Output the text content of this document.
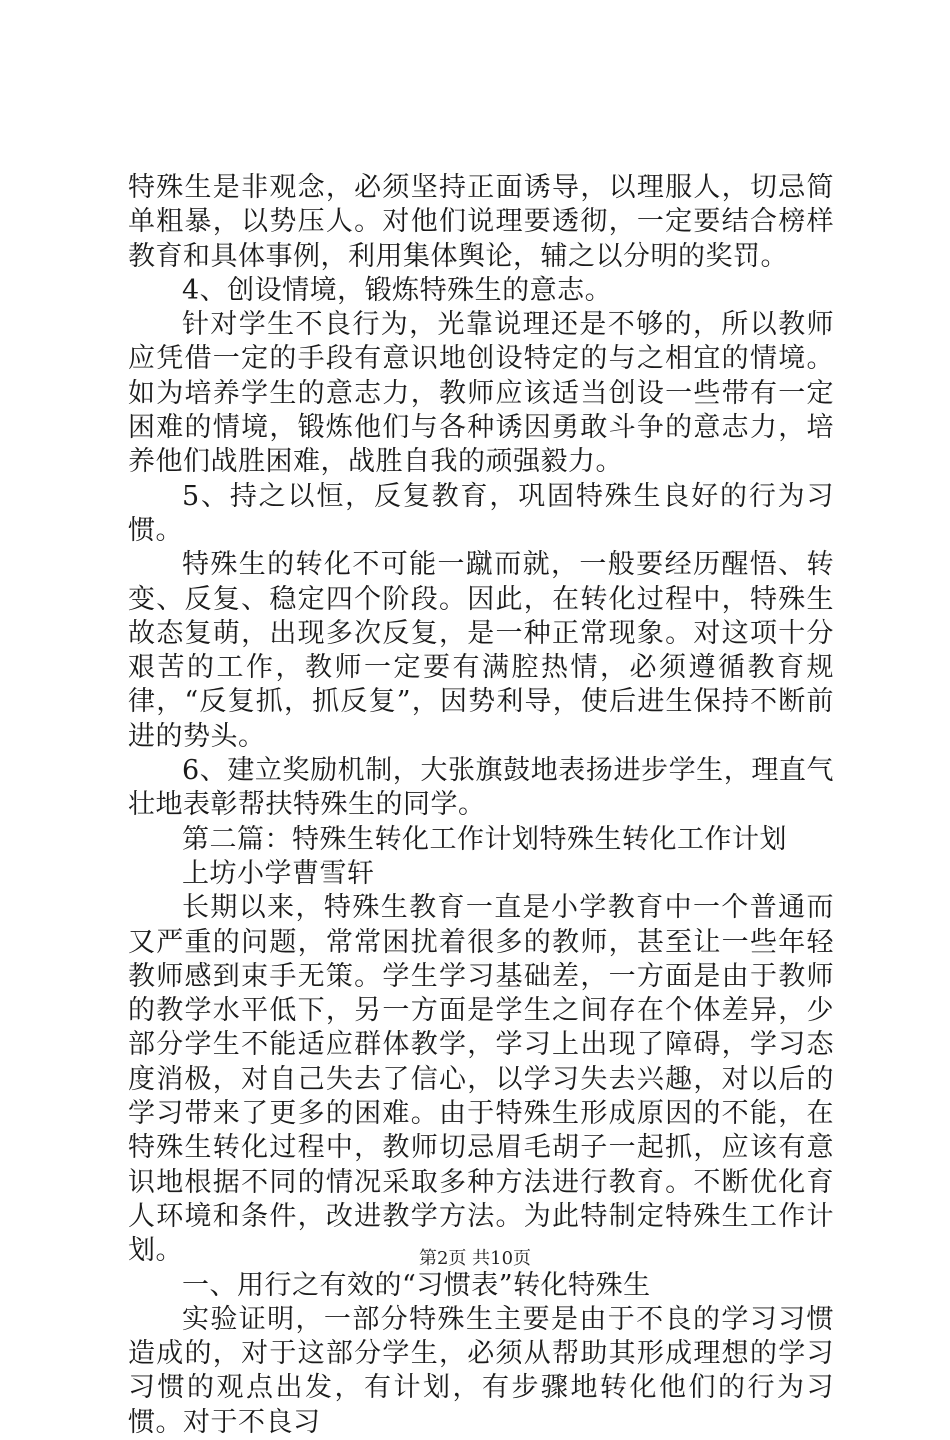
特殊生是非观念，必须坚持正面诱导，以理服人，切忌简单粗暴，以势压人。对他们说理要透彻，一定要结合榜样教育和具体事例，利用集体舆论，辅之以分明的奖罚。

4、创设情境，锻炼特殊生的意志。

针对学生不良行为，光靠说理还是不够的，所以教师应凭借一定的手段有意识地创设特定的与之相宜的情境。如为培养学生的意志力，教师应该适当创设一些带有一定困难的情境，锻炼他们与各种诱因勇敢斗争的意志力，培养他们战胜困难，战胜自我的顽强毅力。

5、持之以恒，反复教育，巩固特殊生良好的行为习惯。

特殊生的转化不可能一蹴而就，一般要经历醒悟、转变、反复、稳定四个阶段。因此，在转化过程中，特殊生故态复萌，出现多次反复，是一种正常现象。对这项十分艰苦的工作，教师一定要有满腔热情，必须遵循教育规律，“反复抓，抓反复”，因势利导，使后进生保持不断前进的势头。

6、建立奖励机制，大张旗鼓地表扬进步学生，理直气壮地表彰帮扶特殊生的同学。

第二篇：特殊生转化工作计划特殊生转化工作计划

上坊小学曹雪轩

长期以来，特殊生教育一直是小学教育中一个普通而又严重的问题，常常困扰着很多的教师，甚至让一些年轻教师感到束手无策。学生学习基础差，一方面是由于教师的教学水平低下，另一方面是学生之间存在个体差异，少部分学生不能适应群体教学，学习上出现了障碍，学习态度消极，对自己失去了信心，以学习失去兴趣，对以后的学习带来了更多的困难。由于特殊生形成原因的不能，在特殊生转化过程中，教师切忌眉毛胡子一起抓，应该有意识地根据不同的情况采取多种方法进行教育。不断优化育人环境和条件，改进教学方法。为此特制定特殊生工作计划。

一、用行之有效的“习惯表”转化特殊生

实验证明，一部分特殊生主要是由于不良的学习习惯造成的，对于这部分学生，必须从帮助其形成理想的学习习惯的观点出发，有计划，有步骤地转化他们的行为习惯。对于不良习

第2页 共10页
